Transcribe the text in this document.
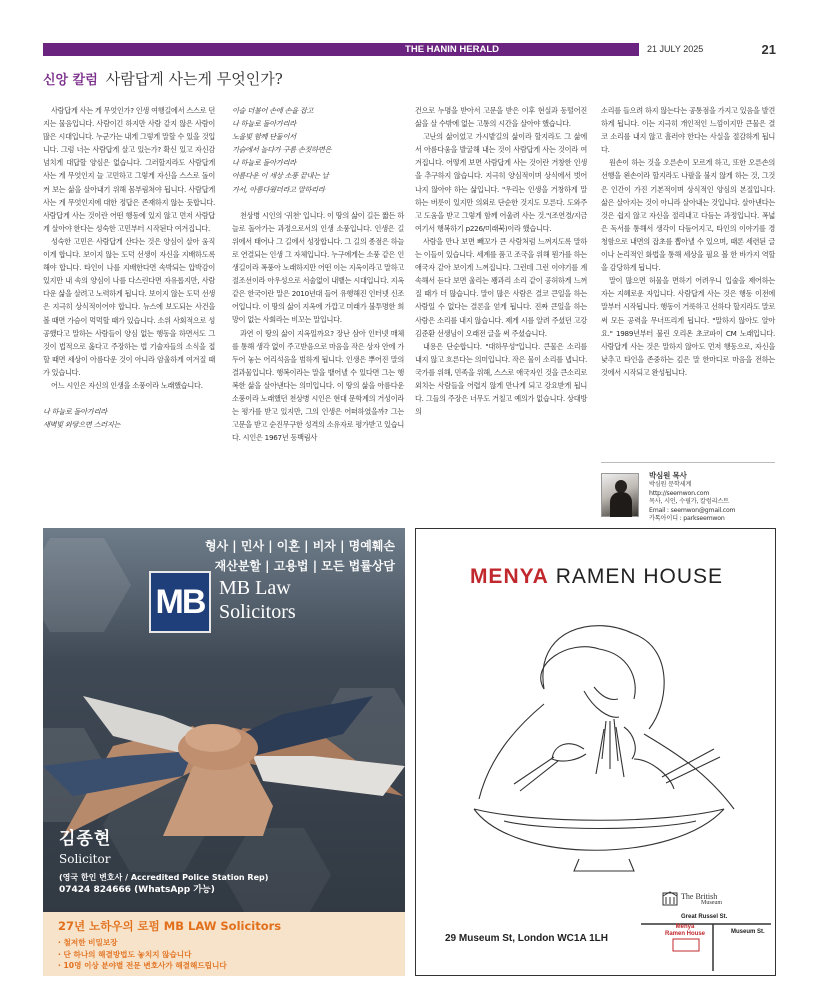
THE HANIN HERALD	21 JULY 2025	21
신앙 칼럼 사람답게 사는게 무엇인가?

사람답게 사는 게 무엇인가? 인생 여행길에서 스스로 던지는 물음입니다. 사람이긴 하지만 사람 같지 않은 사람이 많은 시대입니다. 누군가는 내게 그렇게 말할 수 있을 것입니다. 그럼 너는 사람답게 살고 있는가? 확신 있고 자신감 넘치게 대답할 양심은 없습니다. 그러할지라도 사람답게 사는 게 무엇인지 늘 고민하고 그렇게 자신을 스스로 돌이켜 보는 삶을 살아내기 위해 몸부림쳐야 됩니다. 사람답게 사는 게 무엇인지에 대한 정답은 존재하지 않는 듯합니다. 사람답게 사는 것이란 어떤 행동에 있지 않고 먼저 사람답게 살아야 한다는 성숙한 고민부터 시작된다 여겨집니다.

성숙한 고민은 사람답게 산다는 것은 양심이 살아 움직이게 합니다. 보이지 않는 도덕 선생이 자신을 지배하도록 해야 합니다. 타인이 나를 지배한다면 속박되는 압박감이 있지만 내 속의 양심이 나를 다스린다면 자유롭지만, 사람다운 삶을 살려고 노력하게 됩니다. 보이지 않는 도덕 선생은 지극히 상식적이어야 합니다. 뉴스에 보도되는 사건을 볼 때면 가슴이 먹먹할 때가 있습니다. 소위 사회적으로 성공했다고 말하는 사람들이 양심 없는 행동을 하면서도 그것이 법적으로 옳다고 주장하는 법 기술자들의 소식을 접할 때면 세상이 아름다운 것이 아니라 암울하게 여겨질 때가 있습니다.

어느 시인은 자신의 인생을 소풍이라 노래했습니다.

나 하늘로 돌아가리라

새벽빛 와닿으면 스러지는

이슬 더불어 손에 손을 잡고

나 하늘로 돌아가리라

노을빛 함께 단둘이서

기슭에서 놀다가 구름 손짓하면은

나 하늘로 돌아가리라

아름다운 이 세상 소풍 끝내는 날

가서, 아름다웠더라고 말하리라

천상병 시인의 '귀천' 입니다. 이 땅의 삶이 길든 짧든 하늘로 돌아가는 과정으로서의 인생 소풍입니다. 인생은 길 위에서 태어나 그 길에서 성장합니다. 그 길의 종점은 하늘로 연결되는 인생 그 자체입니다. 누구에게는 소풍 같은 인생길이라 폭풍아 노래하지만 어떤 이는 지옥이라고 말하고 절조선이라 아우성으로 서술없이 내뱉는 시대입니다. 지옥 같은 한국이란 말은 2010년대 들어 유행해진 인터넷 신조어입니다. 이 땅의 삶이 지옥에 가깝고 미래가 불투명한 희망이 없는 사회라는 비꼬는 말입니다.

과연 이 땅의 삶이 지옥일까요? 장난 삼아 인터넷 매체를 통해 생각 없이 주고받음으로 마음을 작은 상자 안에 가두어 놓는 어리석음을 범하게 됩니다. 인생은 뿌어진 말의 결과물입니다. 행복이라는 말을 뱉어낼 수 있다면 그는 행복한 삶을 살아낸다는 의미입니다. 이 땅의 삶을 아름다운 소풍이라 노래했던 천상병 시인은 현대 문학계의 거성이라는 평가를 받고 있지만, 그의 인생은 어떠하였을까? 그는 고문을 받고 순진무구한 성격의 소유자로 평가받고 있습니다. 시인은 1967년 동백림사

건으로 누명을 받아서 고문을 받은 이후 현실과 동떨어진 삶을 살 수밖에 없는 고통의 시간을 살아야 했습니다.

고난의 삶이었고 가시밭길의 삶이라 할지라도 그 삶에서 아름다움을 발굴해 내는 것이 사람답게 사는 것이라 여겨집니다. 어떻게 보면 사람답게 사는 것이란 거창한 인생을 추구하지 않습니다. 지극히 양심적이며 상식에서 벗어나지 않아야 하는 삶입니다. "우리는 인생을 거창하게 말하는 버릇이 있지만 의외로 단순한 것지도 모른다. 도와주고 도움을 받고 그렇게 함께 어울려 사는 것."(조연경/지금 여기서 행복하기 p226/미래북)이라 했습니다.

사람을 만나 보면 빼꼬가 큰 사람처럼 느껴지도록 말하는 이들이 있습니다. 세계를 품고 조국을 위해 뭔가를 하는 애국자 같아 보이게 느껴집니다. 그런데 그런 이야기를 계속해서 듣다 보면 울리는 꽹과리 소리 같이 공허하게 느껴질 때가 더 많습니다. 말이 많은 사람은 결코 큰일을 하는 사람일 수 없다는 결론을 얻게 됩니다. 진짜 큰일을 하는 사람은 소리를 내지 않습니다. 제게 시를 알려 주셨던 고강 김준환 선생님이 오래전 글을 써 주셨습니다.

내용은 단순합니다. "대하무성"입니다. 큰물은 소리를 내지 않고 흐른다는 의미입니다. 작은 물이 소리를 냅니다. 국가를 위해, 민족을 위해, 스스로 애국자인 것을 큰소리로 외치는 사람들을 어렵지 않게 만나게 되고 강요받게 됩니다. 그들의 주장은 너무도 거칠고 예의가 없습니다. 상대방의

소리를 들으려 하지 않는다는 공통점을 가지고 있음을 발견하게 됩니다. 이는 지극히 개인적인 느낌이지만 큰물은 결코 소리를 내지 않고 흘러야 한다는 사실을 절감하게 됩니다.

원손이 하는 것을 오른손이 모르게 하고, 또한 오른손의 선행을 왼손이라 할지라도 나팔을 불지 않게 하는 것, 그것은 인간이 가진 기본적이며 상식적인 양심의 본질입니다. 삶은 살아지는 것이 아니라 살아내는 것입니다. 살아낸다는 것은 쉽지 않고 자신을 절리내고 다듬는 과정입니다. 폭넓은 독서를 통해서 생각이 다듬어지고, 타인의 이야기를 경청함으로 내면의 잡초를 뽑아낼 수 있으며, 때론 세련된 글이나 논리적인 화법을 통해 세상을 필요 볼 한 바가지 역할을 감당하게 됩니다.

말이 많으면 허물을 면하기 어려우니 입술을 제어하는 자는 지혜로운 자입니다. 사람답게 사는 것은 행동 이전에 말부터 시작됩니다. 행동이 거룩하고 선하다 할지라도 말로써 모든 공력을 무너뜨리게 됩니다. "말하지 않아도 알아요." 1989년부터 불린 오리온 초코파이 CM 노래입니다. 사람답게 사는 것은 말하지 않아도 먼저 행동으로, 자신을 낮추고 타인을 존중하는 깊은 말 한마디로 마음을 전하는 것에서 시작되고 완성됩니다.

박심원 목사
박심원 문학세계
http://seemwon.com
목사, 시인, 수필가, 칼럼리스트
Email : seemwon@gmail.com
카톡아이디 : parkseemwon
형사 | 민사 | 이혼 | 비자 | 명예훼손
재산분할 | 고용법 | 모든 법률상담
MB MB Law
Solicitors
김종현
Solicitor
(영국 한인 변호사 / Accredited Police Station Rep)
07424 824666 (WhatsApp 가능)
27년 노하우의 로펌 MB LAW Solicitors
· 철저한 비밀보장
· 단 하나의 해결방법도 놓치지 않습니다
· 10명 이상 분야별 전문 변호사가 해결해드립니다
MENYA RAMEN HOUSE
29 Museum St, London WC1A 1LH
The British
Museum
Great Russel St.
Menya
Ramen House	Museum St.
